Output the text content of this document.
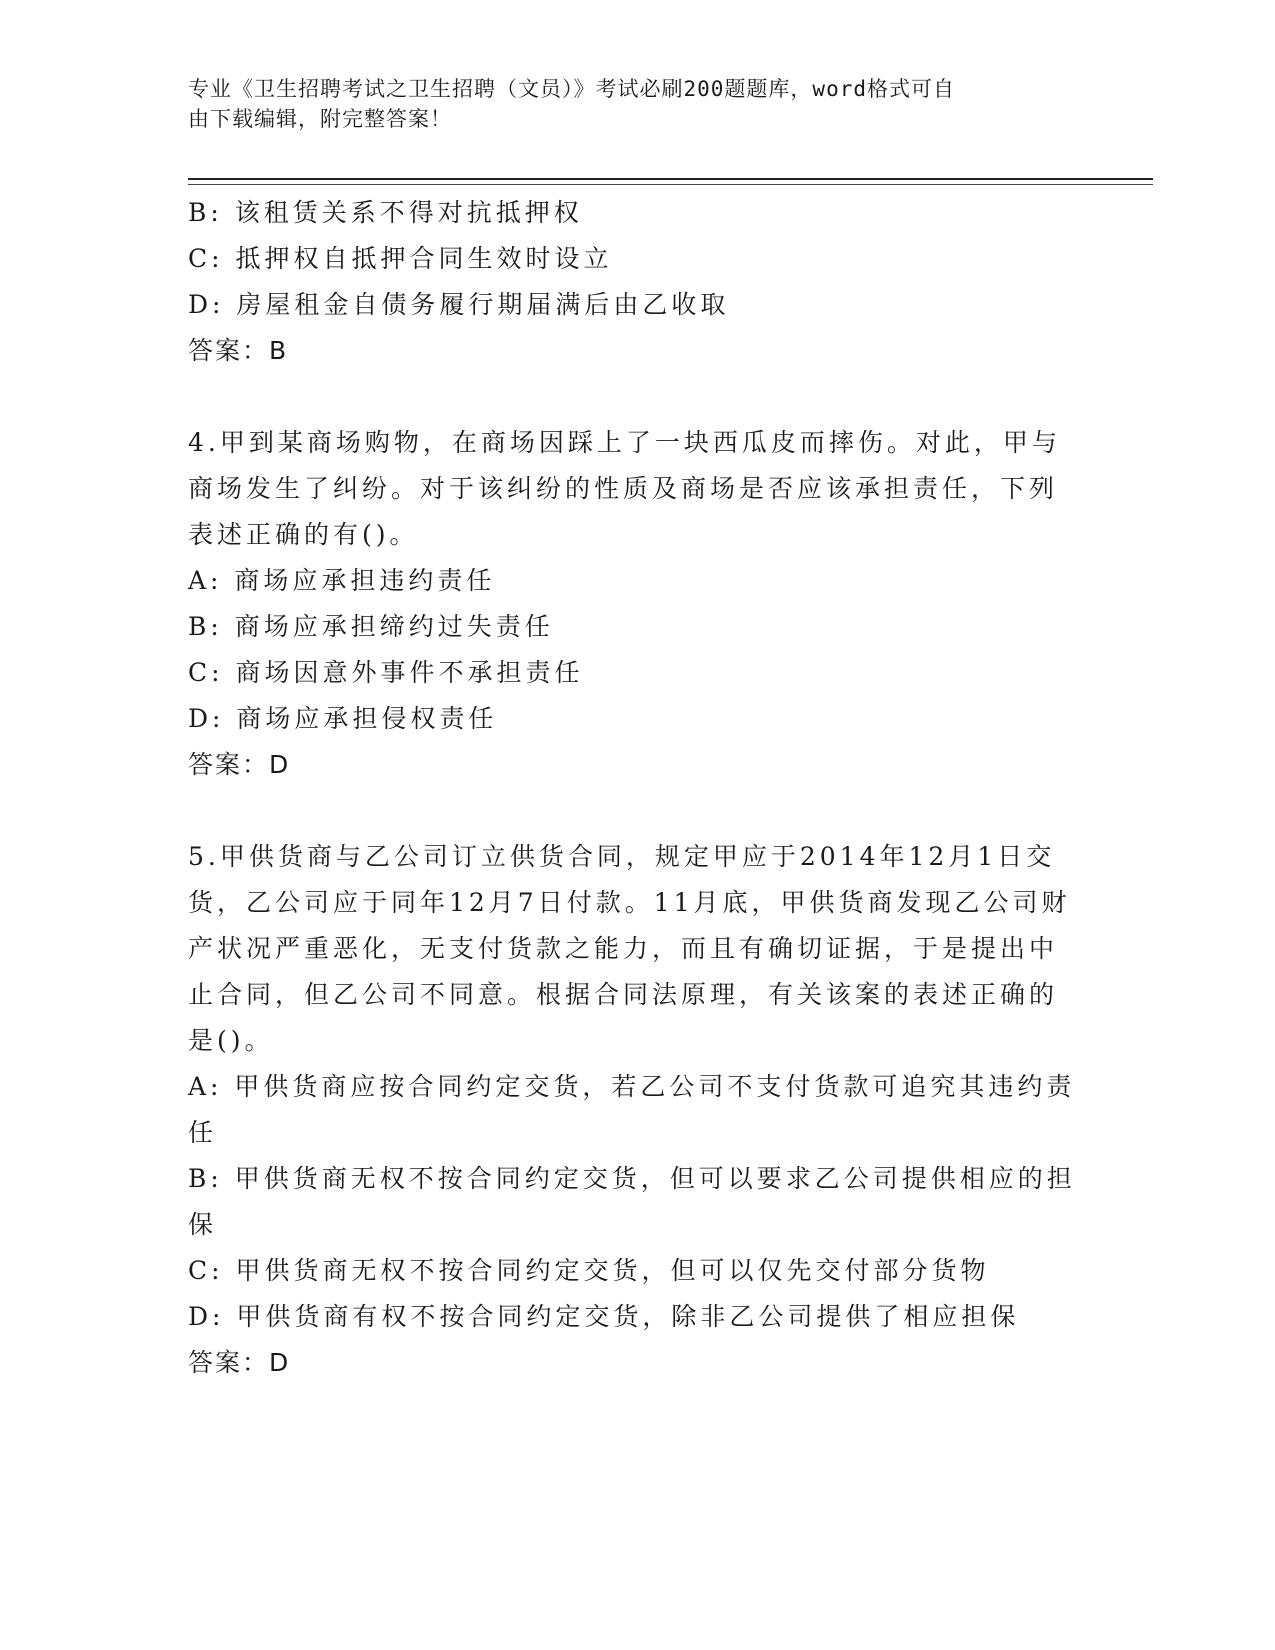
专业《卫生招聘考试之卫生招聘（文员）》考试必刷200题题库，word格式可自
由下载编辑，附完整答案！

B: 该租赁关系不得对抗抵押权

C: 抵押权自抵押合同生效时设立

D: 房屋租金自债务履行期届满后由乙收取

答案：B

4.甲到某商场购物，在商场因踩上了一块西瓜皮而摔伤。对此，甲与

商场发生了纠纷。对于该纠纷的性质及商场是否应该承担责任，下列

表述正确的有()。

A: 商场应承担违约责任

B: 商场应承担缔约过失责任

C: 商场因意外事件不承担责任

D: 商场应承担侵权责任

答案：D

5.甲供货商与乙公司订立供货合同，规定甲应于2014年12月1日交

货，乙公司应于同年12月7日付款。11月底，甲供货商发现乙公司财

产状况严重恶化，无支付货款之能力，而且有确切证据，于是提出中

止合同，但乙公司不同意。根据合同法原理，有关该案的表述正确的

是()。

A: 甲供货商应按合同约定交货，若乙公司不支付货款可追究其违约责

任

B: 甲供货商无权不按合同约定交货，但可以要求乙公司提供相应的担

保

C: 甲供货商无权不按合同约定交货，但可以仅先交付部分货物

D: 甲供货商有权不按合同约定交货，除非乙公司提供了相应担保

答案：D
